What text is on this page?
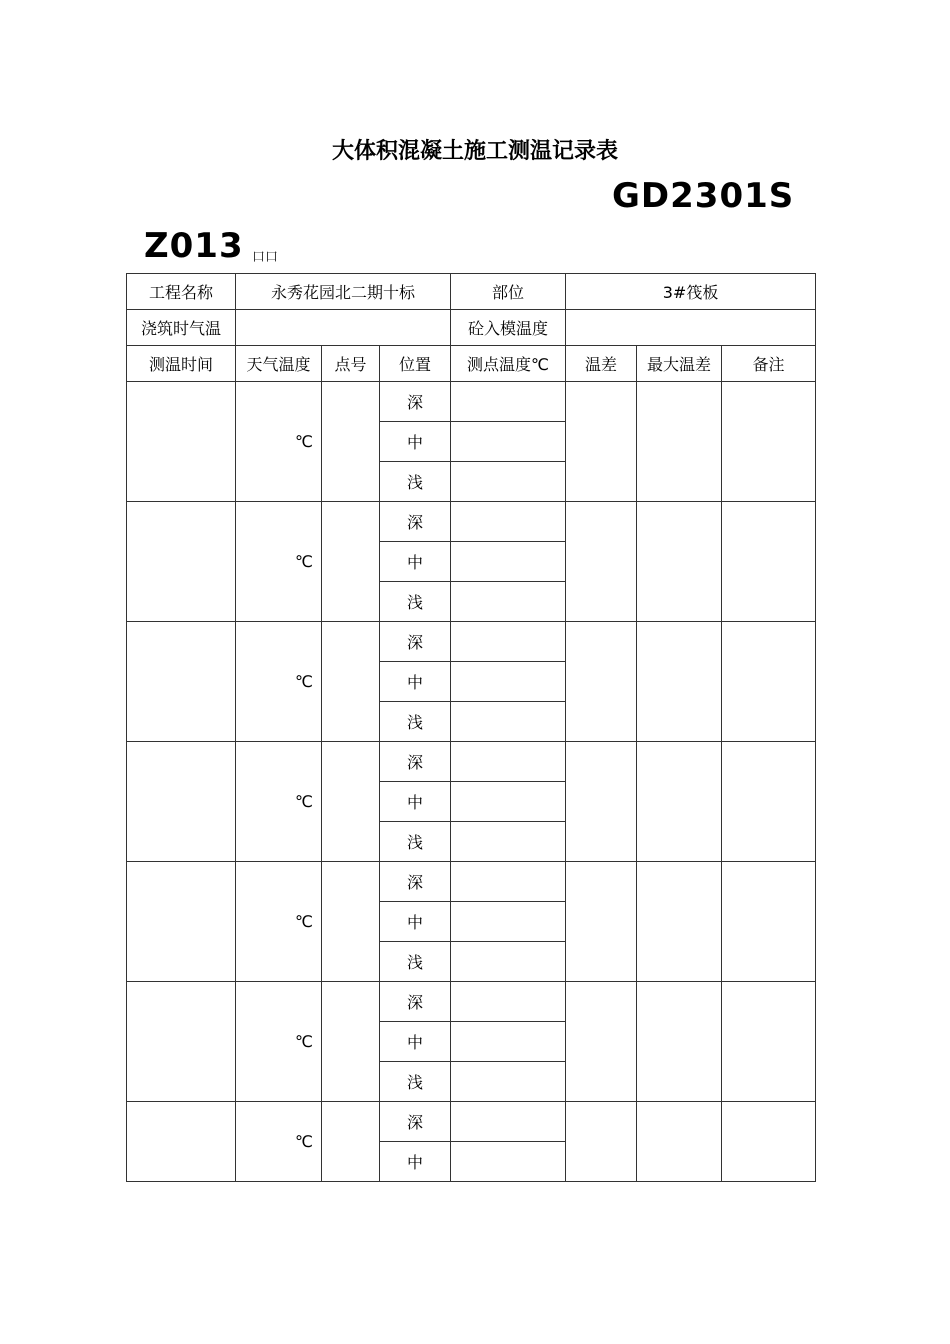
大体积混凝土施工测温记录表
GD2301S
Z013 口口
工程名称	永秀花园北二期十标			部位	3#筏板		
浇筑时气温				砼入模温度			
测温时间	天气温度	点号	位置	测点温度℃	温差	最大温差	备注
	℃		深				
			中				
			浅				
	℃		深				
			中				
			浅				
	℃		深				
			中				
			浅				
	℃		深				
			中				
			浅				
	℃		深				
			中				
			浅				
	℃		深				
			中				
			浅				
	℃		深				
			中				
